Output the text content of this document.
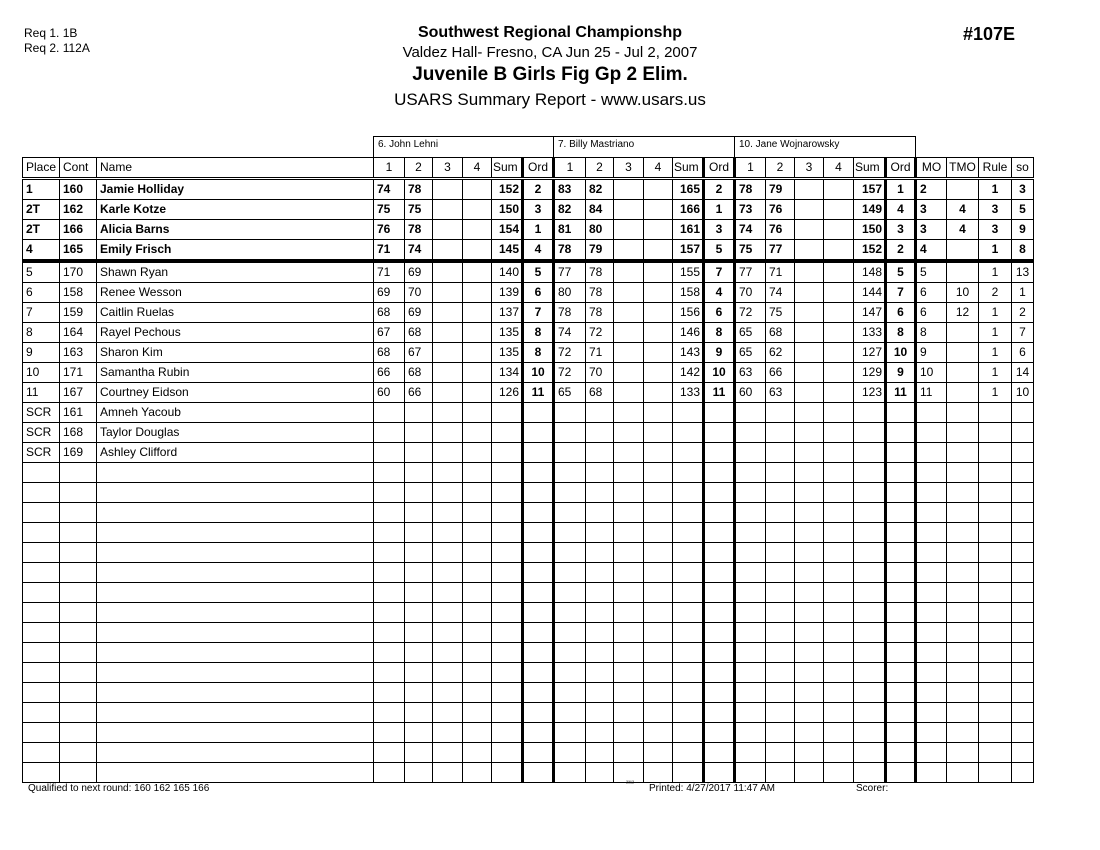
Req 1. 1B
Req 2. 112A
Southwest Regional Championshp
Valdez Hall- Fresno, CA Jun 25 - Jul 2, 2007
Juvenile B Girls Fig Gp 2 Elim.
USARS Summary Report - www.usars.us
#107E
6. John Lehni	7. Billy Mastriano	10. Jane Wojnarowsky
Place	Cont	Name	1	2	3	4	Sum	Ord	1	2	3	4	Sum	Ord	1	2	3	4	Sum	Ord	MO	TMO	Rule	so
1	160	Jamie Holliday	74	78			152	2	83	82			165	2	78	79			157	1	2		1	3
2T	162	Karle Kotze	75	75			150	3	82	84			166	1	73	76			149	4	3	4	3	5
2T	166	Alicia Barns	76	78			154	1	81	80			161	3	74	76			150	3	3	4	3	9
4	165	Emily Frisch	71	74			145	4	78	79			157	5	75	77			152	2	4		1	8
5	170	Shawn Ryan	71	69			140	5	77	78			155	7	77	71			148	5	5		1	13
6	158	Renee Wesson	69	70			139	6	80	78			158	4	70	74			144	7	6	10	2	1
7	159	Caitlin Ruelas	68	69			137	7	78	78			156	6	72	75			147	6	6	12	1	2
8	164	Rayel Pechous	67	68			135	8	74	72			146	8	65	68			133	8	8		1	7
9	163	Sharon Kim	68	67			135	8	72	71			143	9	65	62			127	10	9		1	6
10	171	Samantha Rubin	66	68			134	10	72	70			142	10	63	66			129	9	10		1	14
11	167	Courtney Eidson	60	66			126	11	65	68			133	11	60	63			123	11	11		1	10
SCR	161	Amneh Yacoub																						
SCR	168	Taylor Douglas																						
SCR	169	Ashley Clifford																						

Qualified to next round: 160 162 165 166	²³¹² Printed: 4/27/2017 11:47 AM	Scorer:
